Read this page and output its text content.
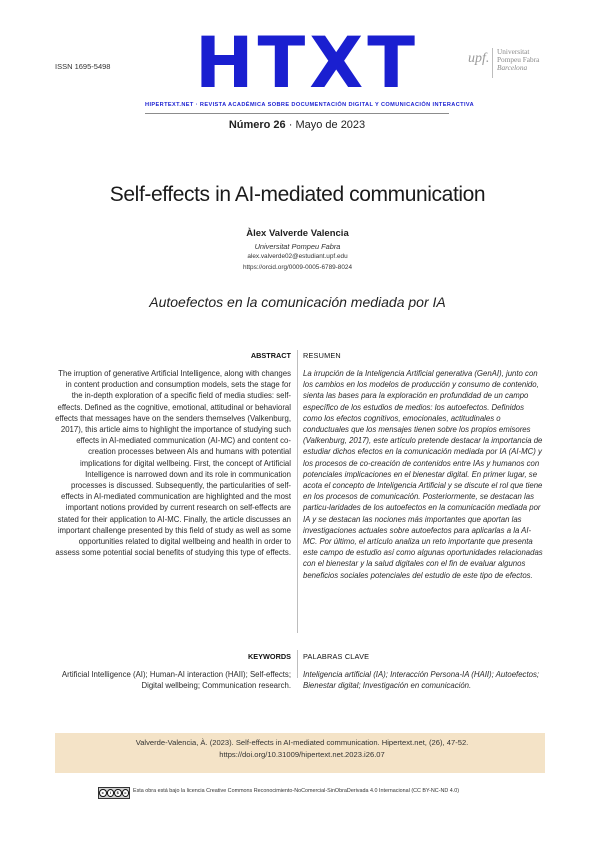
ISSN 1695-5498	HTXT
HIPERTEXT.NET · REVISTA ACADÉMICA SOBRE DOCUMENTACIÓN DIGITAL Y COMUNICACIÓN INTERACTIVA
Número 26 · Mayo de 2023
upf. Universitat
Pompeu Fabra
Barcelona
Self-effects in AI-mediated communication
Àlex Valverde Valencia
Universitat Pompeu Fabra
alex.valverde02@estudiant.upf.edu
https://orcid.org/0009-0005-6789-8024
Autoefectos en la comunicación mediada por IA
ABSTRACT RESUMEN
The irruption of generative Artificial Intelligence, along with changes in content production and consumption models, sets the stage for the in-depth exploration of a specific field of media studies: self-effects. Defined as the cognitive, emotional, attitudinal or behavioral effects that messages have on the senders themselves (Valkenburg, 2017), this article aims to highlight the importance of studying such effects in AI-mediated communication (AI-MC) and content co-creation processes between AIs and humans with potential implications for digital wellbeing. First, the concept of Artificial Intelligence is narrowed down and its role in communication processes is discussed. Subsequently, the particularities of self-effects in AI-mediated communication are highlighted and the most important notions provided by current research on self-effects are stated for their application to AI-MC. Finally, the article discusses an important challenge presented by this field of study as well as some opportunities related to digital wellbeing and health in order to assess some potential social benefits of studying this type of effects.
La irrupción de la Inteligencia Artificial generativa (GenAI), junto con los cambios en los modelos de producción y consumo de contenido, sienta las bases para la exploración en profundidad de un campo específico de los estudios de medios: los autoefectos. Definidos como los efectos cognitivos, emocionales, actitudinales o conductuales que los mensajes tienen sobre los propios emisores (Valkenburg, 2017), este artículo pretende destacar la importancia de estudiar dichos efectos en la comunicación mediada por IA (AI-MC) y los procesos de co-creación de contenidos entre IAs y humanos con potenciales implicaciones en el bienestar digital. En primer lugar, se acota el concepto de Inteligencia Artificial y se discute el rol que tiene en los procesos de comunicación. Posteriormente, se destacan las particu-laridades de los autoefectos en la comunicación mediada por IA y se destacan las nociones más importantes que aportan las investigaciones actuales sobre autoefectos para aplicarlas a la AI-MC. Por último, el artículo analiza un reto importante que presenta este campo de estudio así como algunas oportunidades relacionadas con el bienestar y la salud digitales con el fin de evaluar algunos beneficios sociales potenciales del estudio de este tipo de efectos.
KEYWORDS PALABRAS CLAVE
Artificial Intelligence (AI); Human-AI interaction (HAII); Self-effects; Digital wellbeing; Communication research.
Inteligencia artificial (IA); Interacción Persona-IA (HAII); Autoefectos; Bienestar digital; Investigación en comunicación.
Valverde-Valencia, À. (2023). Self-effects in AI-mediated communication. Hipertext.net, (26), 47-52. https://doi.org/10.31009/hipertext.net.2023.i26.07
c	i	$	=	Esta obra está bajo la licencia Creative Commons Reconocimiento-NoComercial-SinObraDerivada 4.0 Internacional (CC BY-NC-ND 4.0)
